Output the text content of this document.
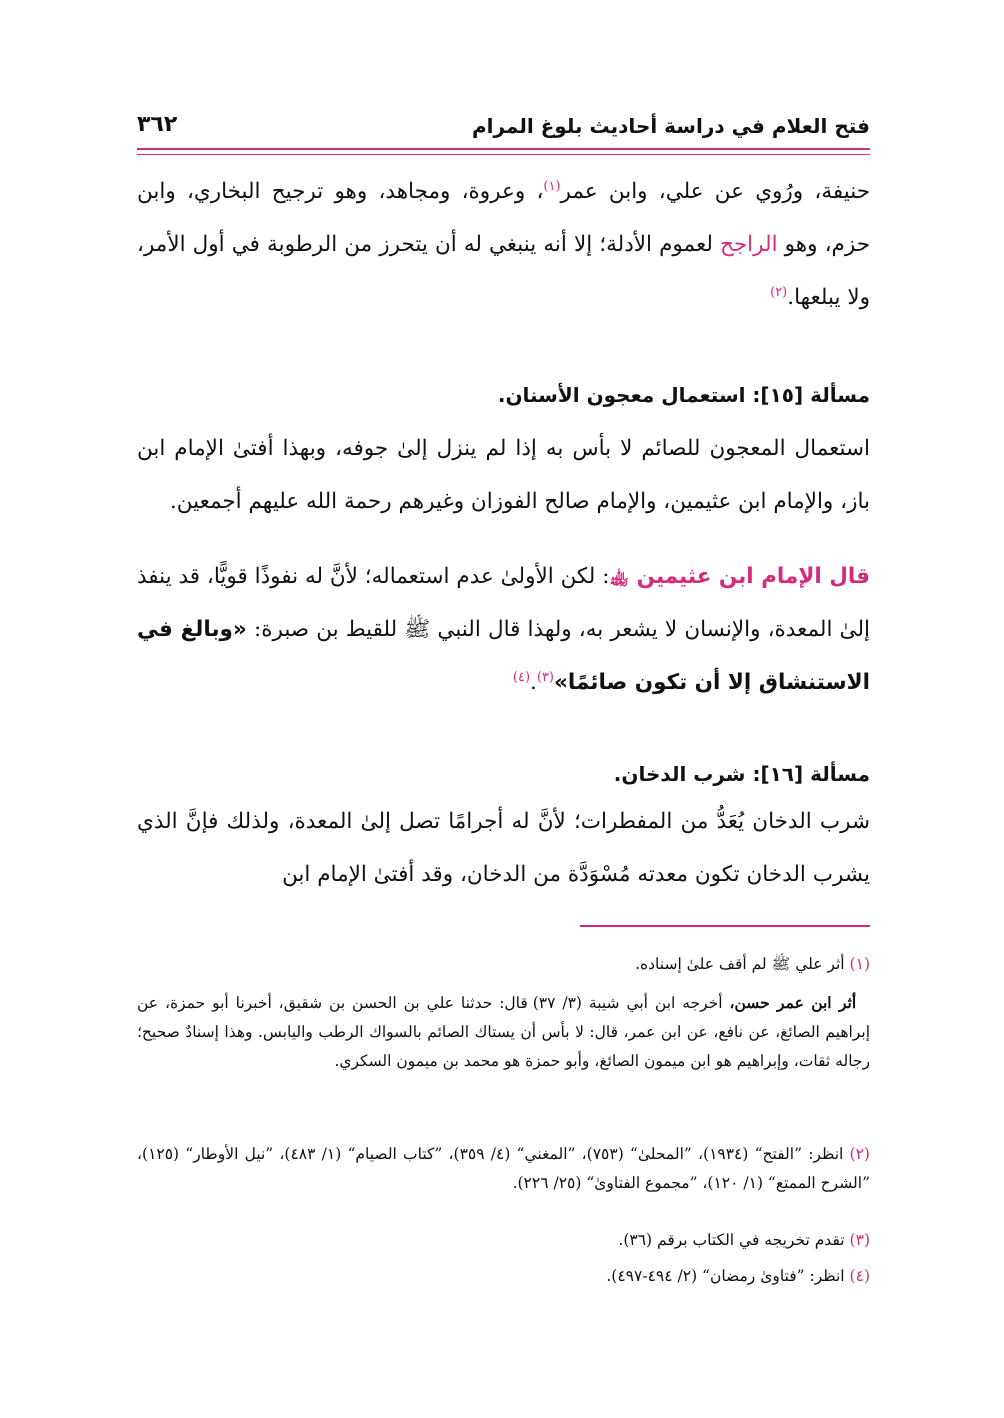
فتح العلام في دراسة أحاديث بلوغ المرام
٣٦٢
حنيفة، ورُوي عن علي، وابن عمر$^{(١)}$، وعروة، ومجاهد، وهو ترجيح البخاري، وابن حزم، وهو الراجح لعموم الأدلة؛ إلا أنه ينبغي له أن يتحرز من الرطوبة في أول الأمر، ولا يبلعها.$^{(٢)}$
مسألة [١٥]: استعمال معجون الأسنان.
استعمال المعجون للصائم لا بأس به إذا لم ينزل إلىٰ جوفه، وبهذا أفتىٰ الإمام ابن باز، والإمام ابن عثيمين، والإمام صالح الفوزان وغيرهم رحمة الله عليهم أجمعين.
قال الإمام ابن عثيمين ﵀: لكن الأولىٰ عدم استعماله؛ لأنَّ له نفوذًا قويًّا، قد ينفذ إلىٰ المعدة، والإنسان لا يشعر به، ولهذا قال النبي ﷺ للقيط بن صبرة: «وبالغ في الاستنشاق إلا أن تكون صائمًا»$^{(٣)}$.$^{(٤)}$
مسألة [١٦]: شرب الدخان.
شرب الدخان يُعَدُّ من المفطرات؛ لأنَّ له أجرامًا تصل إلىٰ المعدة، ولذلك فإنَّ الذي يشرب الدخان تكون معدته مُسْوَدَّة من الدخان، وقد أفتىٰ الإمام ابن
(١) أثر علي ﷺ لم أقف علىٰ إسناده.
أثر ابن عمر حسن، أخرجه ابن أبي شيبة (٣/ ٣٧) قال: حدثنا علي بن الحسن بن شقيق، أخبرنا أبو حمزة، عن إبراهيم الصائغ، عن نافع، عن ابن عمر، قال: لا بأس أن يستاك الصائم بالسواك الرطب واليابس. وهذا إسنادٌ صحيح؛ رجاله ثقات، وإبراهيم هو ابن ميمون الصائغ، وأبو حمزة هو محمد بن ميمون السكري.
(٢) انظر: ”الفتح“ (١٩٣٤)، ”المحلىٰ“ (٧٥٣)، ”المغني“ (٤/ ٣٥٩)، ”كتاب الصيام“ (١/ ٤٨٣)، ”نيل الأوطار“ (١٢٥)، ”الشرح الممتع“ (١/ ١٢٠)، ”مجموع الفتاوىٰ“ (٢٥/ ٢٢٦).
(٣) تقدم تخريجه في الكتاب برقم (٣٦).
(٤) انظر: ”فتاوىٰ رمضان“ (٢/ ٤٩٤-٤٩٧).
